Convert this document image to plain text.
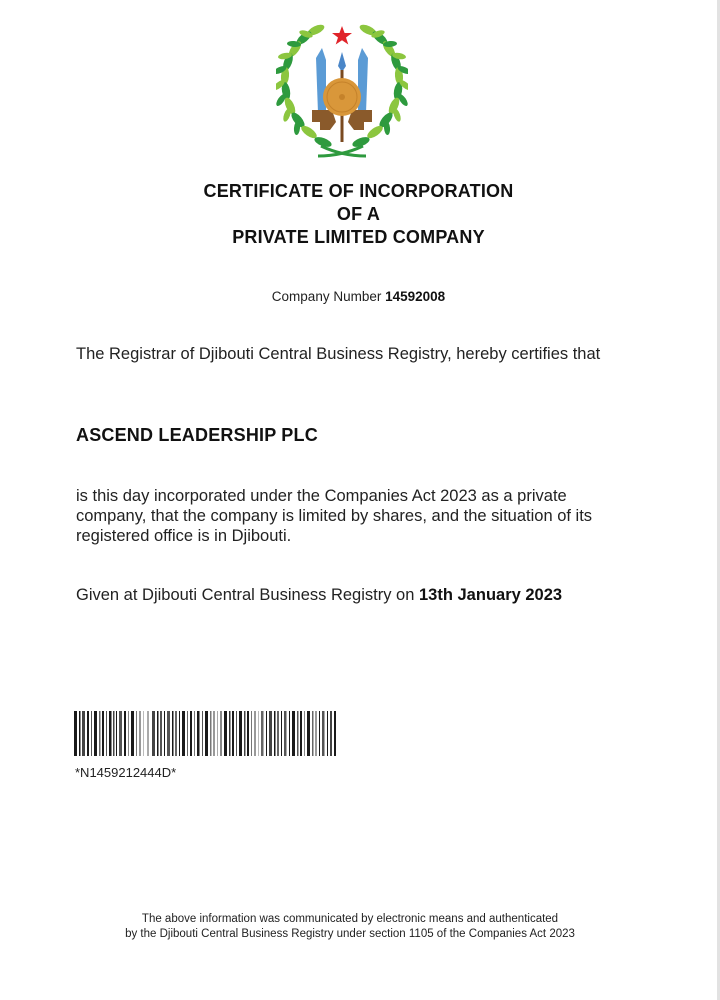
CERTIFICATE OF INCORPORATION
OF A
PRIVATE LIMITED COMPANY
Company Number 14592008
The Registrar of Djibouti Central Business Registry, hereby certifies that
ASCEND LEADERSHIP PLC
is this day incorporated under the Companies Act 2023 as a private company, that the company is limited by shares, and the situation of its registered office is in Djibouti.
Given at Djibouti Central Business Registry on 13th January 2023
*N1459212444D*
The above information was communicated by electronic means and authenticated
by the Djibouti Central Business Registry under section 1105 of the Companies Act 2023
